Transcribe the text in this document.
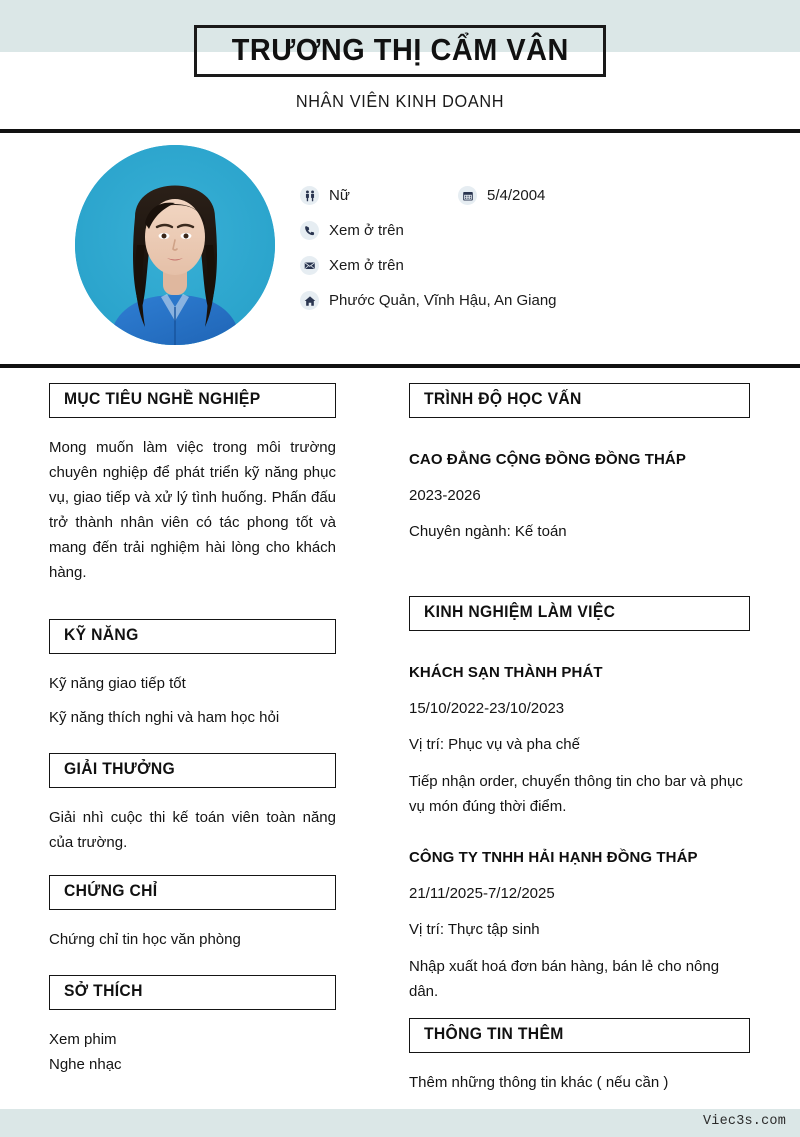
TRƯƠNG THỊ CẨM VÂN
NHÂN VIÊN KINH DOANH
Nữ	5/4/2004
Xem ở trên
Xem ở trên
Phước Quản, Vĩnh Hậu, An Giang
MỤC TIÊU NGHỀ NGHIỆP
Mong muốn làm việc trong môi trường chuyên nghiệp để phát triển kỹ năng phục vụ, giao tiếp và xử lý tình huống. Phấn đấu trở thành nhân viên có tác phong tốt và mang đến trải nghiệm hài lòng cho khách hàng.
KỸ NĂNG
Kỹ năng giao tiếp tốt
Kỹ năng thích nghi và ham học hỏi
GIẢI THƯỞNG
Giải nhì cuộc thi kế toán viên toàn năng của trường.
CHỨNG CHỈ
Chứng chỉ tin học văn phòng
SỞ THÍCH
Xem phim
Nghe nhạc
TRÌNH ĐỘ HỌC VẤN
CAO ĐẲNG CỘNG ĐỒNG ĐỒNG THÁP
2023-2026
Chuyên ngành: Kế toán
KINH NGHIỆM LÀM VIỆC
KHÁCH SẠN THÀNH PHÁT
15/10/2022-23/10/2023
Vị trí: Phục vụ và pha chế
Tiếp nhận order, chuyển thông tin cho bar và phục vụ món đúng thời điểm.
CÔNG TY TNHH HẢI HẠNH ĐỒNG THÁP
21/11/2025-7/12/2025
Vị trí: Thực tập sinh
Nhập xuất hoá đơn bán hàng, bán lẻ cho nông dân.
THÔNG TIN THÊM
Thêm những thông tin khác ( nếu cần )
Viec3s.com
